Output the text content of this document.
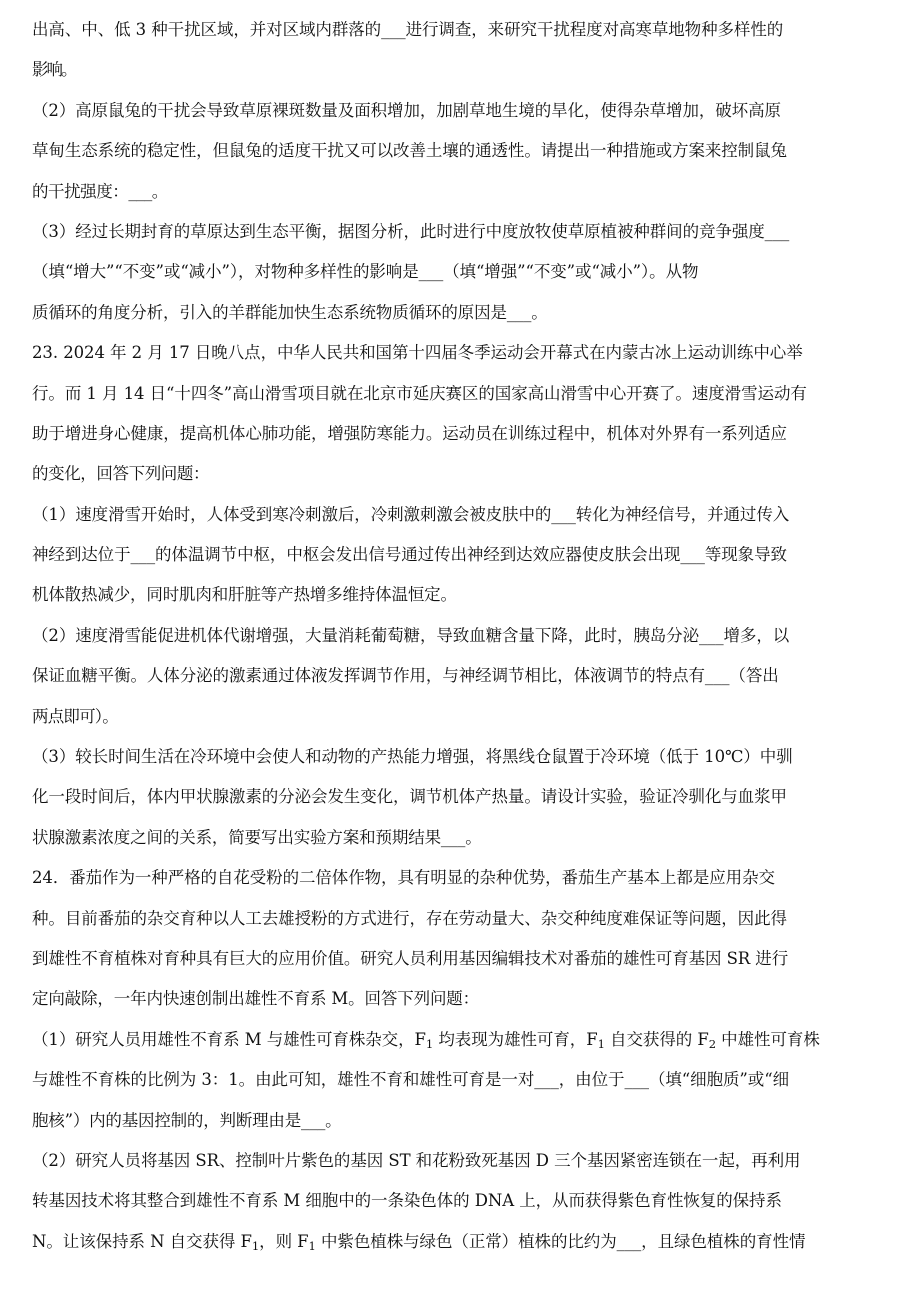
出高、中、低 3 种干扰区域，并对区域内群落的___进行调查，来研究干扰程度对高寒草地物种多样性的
影响。
（2）高原鼠兔的干扰会导致草原裸斑数量及面积增加，加剧草地生境的旱化，使得杂草增加，破坏高原
草甸生态系统的稳定性，但鼠兔的适度干扰又可以改善土壤的通透性。请提出一种措施或方案来控制鼠兔
的干扰强度：___。
（3）经过长期封育的草原达到生态平衡，据图分析，此时进行中度放牧使草原植被种群间的竞争强度___
（填“增大”“不变”或“减小”），对物种多样性的影响是___（填“增强”“不变”或“减小”）。从物
质循环的角度分析，引入的羊群能加快生态系统物质循环的原因是___。
23. 2024 年 2 月 17 日晚八点，中华人民共和国第十四届冬季运动会开幕式在内蒙古冰上运动训练中心举
行。而 1 月 14 日“十四冬”高山滑雪项目就在北京市延庆赛区的国家高山滑雪中心开赛了。速度滑雪运动有
助于增进身心健康，提高机体心肺功能，增强防寒能力。运动员在训练过程中，机体对外界有一系列适应
的变化，回答下列问题：
（1）速度滑雪开始时，人体受到寒冷刺激后，冷刺激刺激会被皮肤中的___转化为神经信号，并通过传入
神经到达位于___的体温调节中枢，中枢会发出信号通过传出神经到达效应器使皮肤会出现___等现象导致
机体散热减少，同时肌肉和肝脏等产热增多维持体温恒定。
（2）速度滑雪能促进机体代谢增强，大量消耗葡萄糖，导致血糖含量下降，此时，胰岛分泌___增多，以
保证血糖平衡。人体分泌的激素通过体液发挥调节作用，与神经调节相比，体液调节的特点有___（答出
两点即可）。
（3）较长时间生活在冷环境中会使人和动物的产热能力增强，将黑线仓鼠置于冷环境（低于 10℃）中驯
化一段时间后，体内甲状腺激素的分泌会发生变化，调节机体产热量。请设计实验，验证冷驯化与血浆甲
状腺激素浓度之间的关系，简要写出实验方案和预期结果___。
24．番茄作为一种严格的自花受粉的二倍体作物，具有明显的杂种优势，番茄生产基本上都是应用杂交
种。目前番茄的杂交育种以人工去雄授粉的方式进行，存在劳动量大、杂交种纯度难保证等问题，因此得
到雄性不育植株对育种具有巨大的应用价值。研究人员利用基因编辑技术对番茄的雄性可育基因 SR 进行
定向敲除，一年内快速创制出雄性不育系 M。回答下列问题：
（1）研究人员用雄性不育系 M 与雄性可育株杂交，$F_1$ 均表现为雄性可育，$F_1$ 自交获得的 $F_2$ 中雄性可育株
与雄性不育株的比例为 3：1。由此可知，雄性不育和雄性可育是一对___，由位于___（填“细胞质”或“细
胞核”）内的基因控制的，判断理由是___。
（2）研究人员将基因 SR、控制叶片紫色的基因 ST 和花粉致死基因 D 三个基因紧密连锁在一起，再利用
转基因技术将其整合到雄性不育系 M 细胞中的一条染色体的 DNA 上，从而获得紫色育性恢复的保持系
N。让该保持系 N 自交获得 $F_1$，则 $F_1$ 中紫色植株与绿色（正常）植株的比约为___，且绿色植株的育性情
